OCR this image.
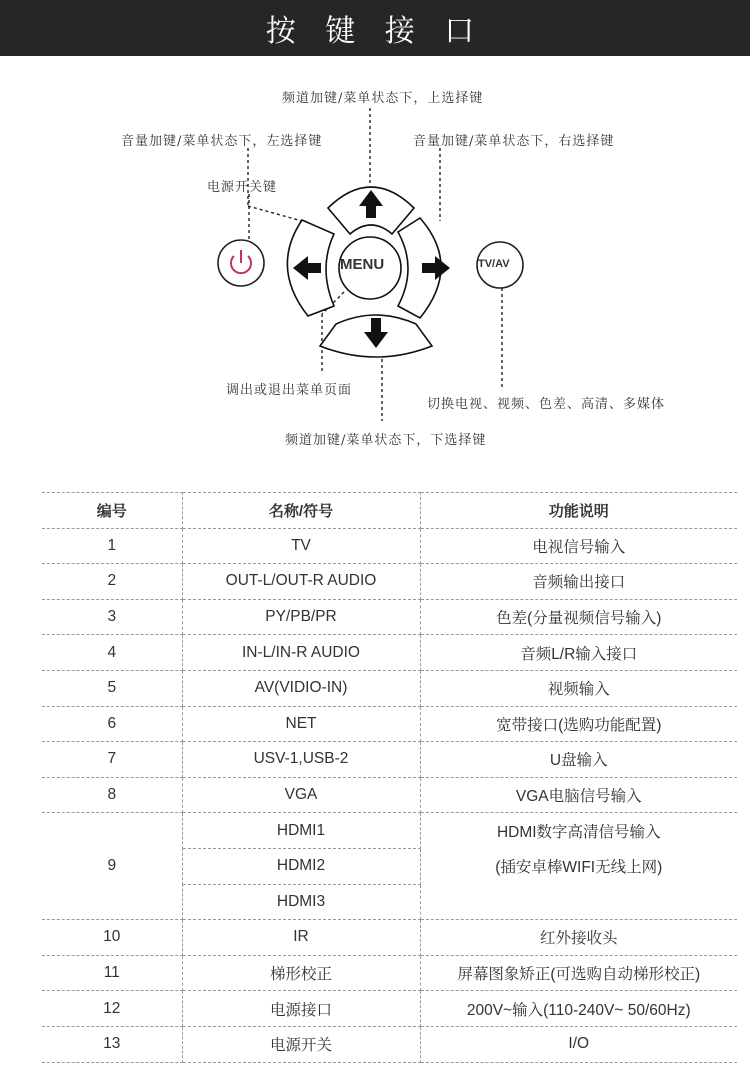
按 键 接 口
MENU	TV/AV
频道加键/菜单状态下，上选择键
音量加键/菜单状态下，左选择键	音量加键/菜单状态下，右选择键
电源开关键
调出或退出菜单页面
切换电视、视频、色差、高清、多媒体
频道加键/菜单状态下，下选择键
编号	名称/符号	功能说明
1	TV	电视信号输入
2	OUT-L/OUT-R AUDIO	音频输出接口
3	PY/PB/PR	色差(分量视频信号输入)
4	IN-L/IN-R AUDIO	音频L/R输入接口
5	AV(VIDIO-IN)	视频输入
6	NET	宽带接口(选购功能配置)
7	USV-1,USB-2	U盘输入
8	VGA	VGA电脑信号输入
9	HDMI1	HDMI数字高清信号输入
	HDMI2	(插安卓棒WIFI无线上网)
	HDMI3	
10	IR	红外接收头
11	梯形校正	屏幕图象矫正(可选购自动梯形校正)
12	电源接口	200V~输入(110-240V~ 50/60Hz)
13	电源开关	I/O
